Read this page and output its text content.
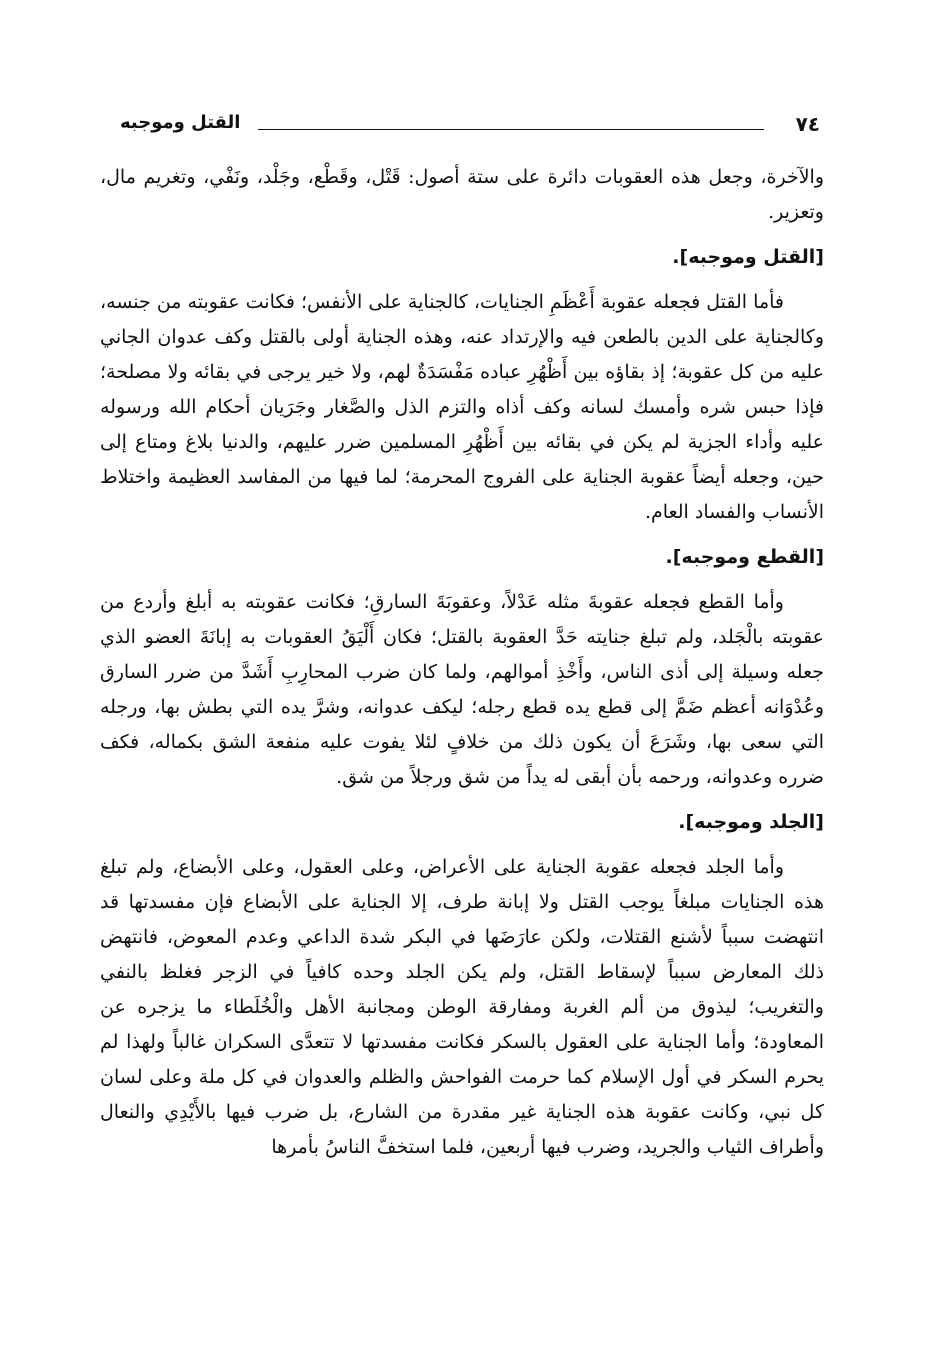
٧٤
القتل وموجبه

والآخرة، وجعل هذه العقوبات دائرة على ستة أصول: قَتْل، وقَطْع، وجَلْد، ونَفْي، وتغريم مال، وتعزير.

[القتل وموجبه].

فأما القتل فجعله عقوبة أَعْظَمِ الجنايات، كالجناية على الأنفس؛ فكانت عقوبته من جنسه، وكالجناية على الدين بالطعن فيه والإرتداد عنه، وهذه الجناية أولى بالقتل وكف عدوان الجاني عليه من كل عقوبة؛ إذ بقاؤه بين أَظْهُرِ عباده مَفْسَدَةٌ لهم، ولا خير يرجى في بقائه ولا مصلحة؛ فإذا حبس شره وأمسك لسانه وكف أذاه والتزم الذل والصَّغار وجَرَيان أحكام الله ورسوله عليه وأداء الجزية لم يكن في بقائه بين أَظْهُرِ المسلمين ضرر عليهم، والدنيا بلاغ ومتاع إلى حين، وجعله أيضاً عقوبة الجناية على الفروج المحرمة؛ لما فيها من المفاسد العظيمة واختلاط الأنساب والفساد العام.

[القطع وموجبه].

وأما القطع فجعله عقوبةَ مثله عَدْلاً، وعقوبَةَ السارقِ؛ فكانت عقوبته به أبلغ وأردع من عقوبته بالْجَلد، ولم تبلغ جنايته حَدَّ العقوبة بالقتل؛ فكان أَلْيَقُ العقوبات به إبانَةَ العضو الذي جعله وسيلة إلى أذى الناس، وأَخْذِ أموالهم، ولما كان ضرب المحارِبِ أَشَدَّ من ضرر السارق وعُدْوَانه أعظم ضَمَّ إلى قطع يده قطع رجله؛ ليكف عدوانه، وشرَّ يده التي بطش بها، ورجله التي سعى بها، وشَرَعَ أن يكون ذلك من خلافٍ لئلا يفوت عليه منفعة الشق بكماله، فكف ضرره وعدوانه، ورحمه بأن أبقى له يداً من شق ورجلاً من شق.

[الجلد وموجبه].

وأما الجلد فجعله عقوبة الجناية على الأعراض، وعلى العقول، وعلى الأبضاع، ولم تبلغ هذه الجنايات مبلغاً يوجب القتل ولا إبانة طرف، إلا الجناية على الأبضاع فإن مفسدتها قد انتهضت سبباً لأشنع القتلات، ولكن عارَضَها في البكر شدة الداعي وعدم المعوض، فانتهض ذلك المعارض سبباً لإسقاط القتل، ولم يكن الجلد وحده كافياً في الزجر فغلظ بالنفي والتغريب؛ ليذوق من ألم الغربة ومفارقة الوطن ومجانبة الأهل والْخُلَطاء ما يزجره عن المعاودة؛ وأما الجناية على العقول بالسكر فكانت مفسدتها لا تتعدَّى السكران غالباً ولهذا لم يحرم السكر في أول الإسلام كما حرمت الفواحش والظلم والعدوان في كل ملة وعلى لسان كل نبي، وكانت عقوبة هذه الجناية غير مقدرة من الشارع، بل ضرب فيها بالأَيْدِي والنعال وأطراف الثياب والجريد، وضرب فيها أربعين، فلما استخفَّ الناسُ بأمرها
